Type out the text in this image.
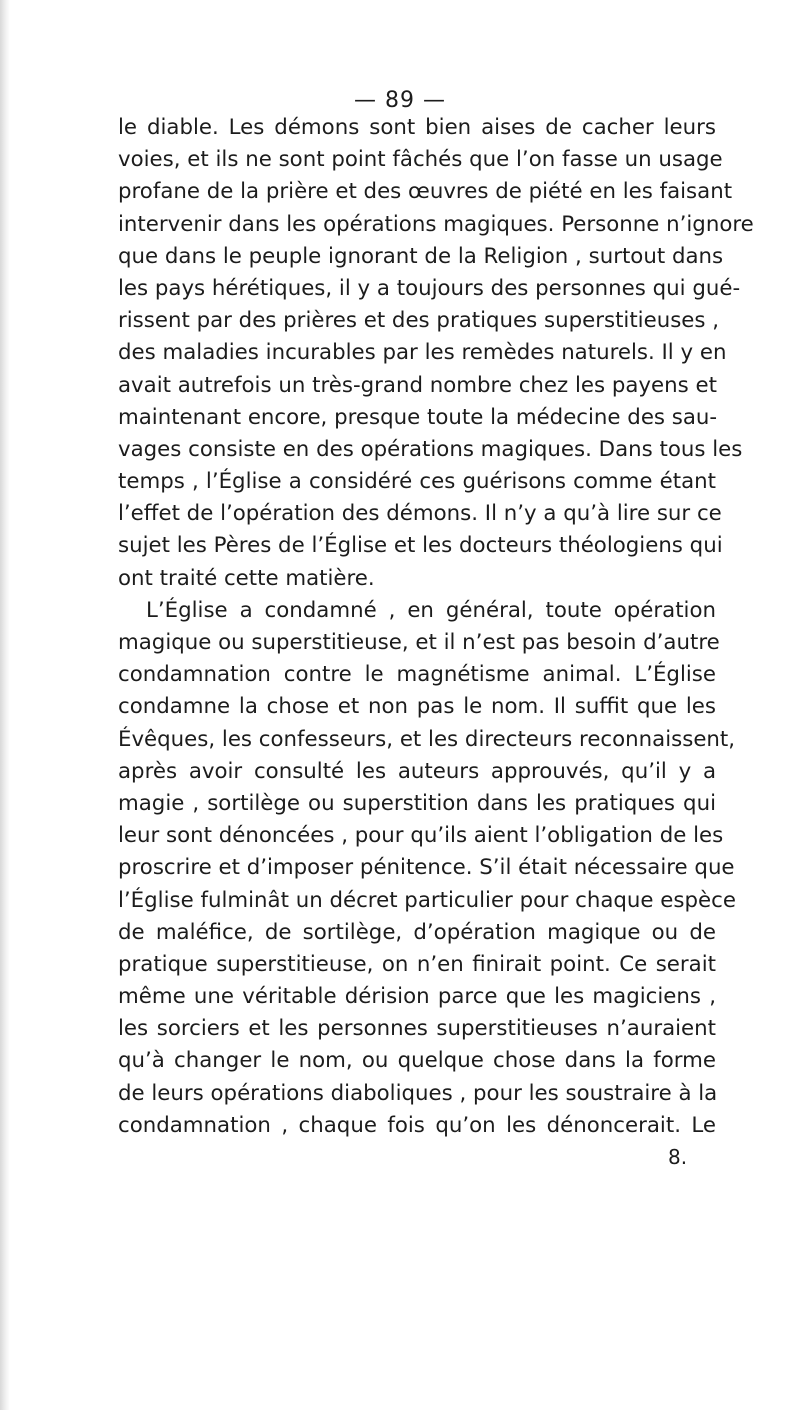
— 89 —
le diable. Les démons sont bien aises de cacher leurs
voies, et ils ne sont point fâchés que l’on fasse un usage
profane de la prière et des œuvres de piété en les faisant
intervenir dans les opérations magiques. Personne n’ignore
que dans le peuple ignorant de la Religion , surtout dans
les pays hérétiques, il y a toujours des personnes qui gué-
rissent par des prières et des pratiques superstitieuses ,
des maladies incurables par les remèdes naturels. Il y en
avait autrefois un très-grand nombre chez les payens et
maintenant encore, presque toute la médecine des sau-
vages consiste en des opérations magiques. Dans tous les
temps , l’Église a considéré ces guérisons comme étant
l’effet de l’opération des démons. Il n’y a qu’à lire sur ce
sujet les Pères de l’Église et les docteurs théologiens qui
ont traité cette matière.
L’Église a condamné , en général, toute opération
magique ou superstitieuse, et il n’est pas besoin d’autre
condamnation contre le magnétisme animal. L’Église
condamne la chose et non pas le nom. Il suffit que les
Évêques, les confesseurs, et les directeurs reconnaissent,
après avoir consulté les auteurs approuvés, qu’il y a
magie , sortilège ou superstition dans les pratiques qui
leur sont dénoncées , pour qu’ils aient l’obligation de les
proscrire et d’imposer pénitence. S’il était nécessaire que
l’Église fulminât un décret particulier pour chaque espèce
de maléfice, de sortilège, d’opération magique ou de
pratique superstitieuse, on n’en finirait point. Ce serait
même une véritable dérision parce que les magiciens ,
les sorciers et les personnes superstitieuses n’auraient
qu’à changer le nom, ou quelque chose dans la forme
de leurs opérations diaboliques , pour les soustraire à la
condamnation , chaque fois qu’on les dénoncerait. Le
8.
